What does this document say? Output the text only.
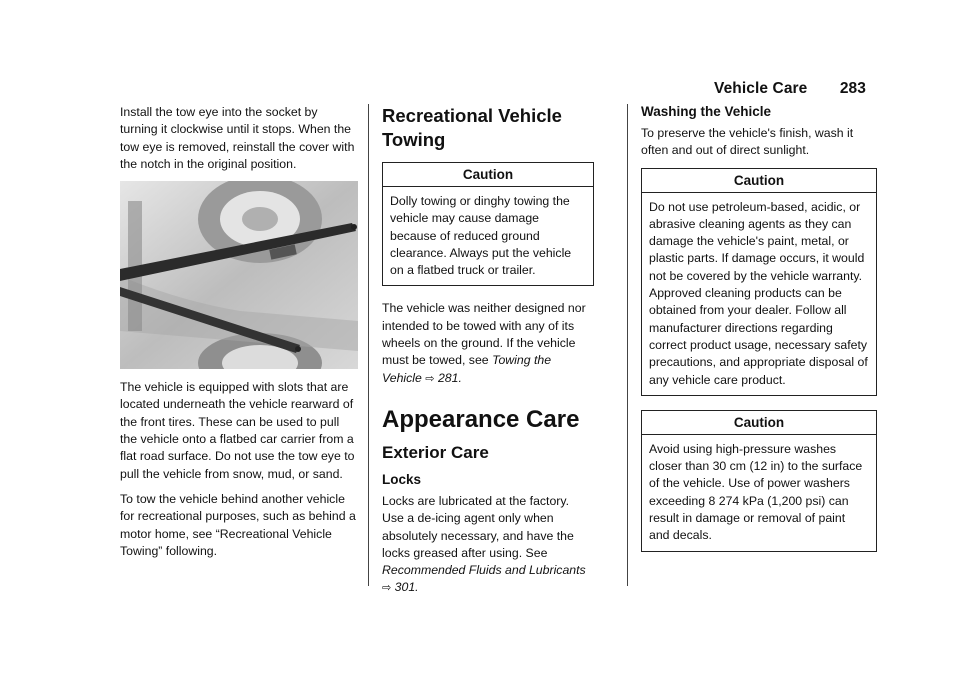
Vehicle Care 283

Install the tow eye into the socket by turning it clockwise until it stops. When the tow eye is removed, reinstall the cover with the notch in the original position.

The vehicle is equipped with slots that are located underneath the vehicle rearward of the front tires. These can be used to pull the vehicle onto a flatbed car carrier from a flat road surface. Do not use the tow eye to pull the vehicle from snow, mud, or sand.

To tow the vehicle behind another vehicle for recreational purposes, such as behind a motor home, see “Recreational Vehicle Towing” following.

Recreational Vehicle Towing
Caution

Dolly towing or dinghy towing the vehicle may cause damage because of reduced ground clearance. Always put the vehicle on a flatbed truck or trailer.

The vehicle was neither designed nor intended to be towed with any of its wheels on the ground. If the vehicle must be towed, see Towing the Vehicle ⇨ 281.

Appearance Care
Exterior Care
Locks

Locks are lubricated at the factory. Use a de-icing agent only when absolutely necessary, and have the locks greased after using. See Recommended Fluids and Lubricants ⇨ 301.

Washing the Vehicle

To preserve the vehicle's finish, wash it often and out of direct sunlight.

Caution

Do not use petroleum-based, acidic, or abrasive cleaning agents as they can damage the vehicle's paint, metal, or plastic parts. If damage occurs, it would not be covered by the vehicle warranty. Approved cleaning products can be obtained from your dealer. Follow all manufacturer directions regarding correct product usage, necessary safety precautions, and appropriate disposal of any vehicle care product.

Caution

Avoid using high-pressure washes closer than 30 cm (12 in) to the surface of the vehicle. Use of power washers exceeding 8 274 kPa (1,200 psi) can result in damage or removal of paint and decals.
